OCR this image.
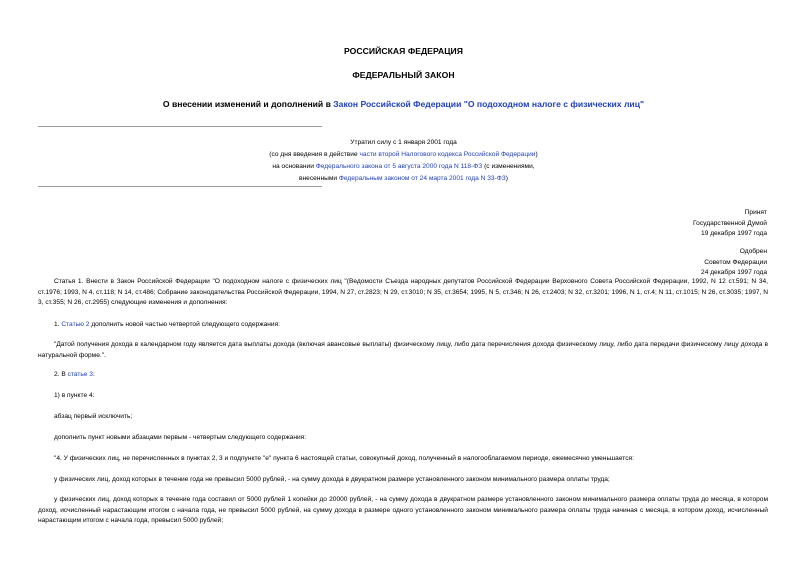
РОССИЙСКАЯ ФЕДЕРАЦИЯ
ФЕДЕРАЛЬНЫЙ ЗАКОН
О внесении изменений и дополнений в Закон Российской Федерации "О подоходном налоге с физических лиц"
Утратил силу с 1 января 2001 года
(со дня введения в действие части второй Налогового кодекса Российской Федерации)
на основании Федерального закона от 5 августа 2000 года N 118-ФЗ (с изменениями,
внесенными Федеральным законом от 24 марта 2001 года N 33-ФЗ)
Принят
Государственной Думой
19 декабря 1997 года
Одобрен
Советом Федерации
24 декабря 1997 года
Статья 1. Внести в Закон Российской Федерации "О подоходном налоге с физических лиц "(Ведомости Съезда народных депутатов Российской Федерации Верховного Совета Российской Федерации, 1992, N 12 ст.591; N 34, ст.1976; 1993, N 4, ст.118; N 14, ст.486; Собрание законодательства Российской Федерации, 1994, N 27, ст.2823; N 29, ст.3010; N 35, ст.3654; 1995, N 5, ст.346; N 26, ст.2403; N 32, ст.3201; 1996, N 1, ст.4; N 11, ст.1015; N 26, ст.3035; 1997, N 3, ст.355; N 26, ст.2955) следующие изменения и дополнения:
1. Статью 2 дополнить новой частью четвертой следующего содержания:
"Датой получения дохода в календарном году является дата выплаты дохода (включая авансовые выплаты) физическому лицу, либо дата перечисления дохода физическому лицу, либо дата передачи физическому лицу дохода в натуральной форме.".
2. В статье 3:
1) в пункте 4:
абзац первый исключить;
дополнить пункт новыми абзацами первым - четвертым следующего содержания:
"4. У физических лиц, не перечисленных в пунктах 2, 3 и подпункте "е" пункта 6 настоящей статьи, совокупный доход, полученный в налогооблагаемом периоде, ежемесячно уменьшается:
у физических лиц, доход которых в течение года не превысил 5000 рублей, - на сумму дохода в двукратном размере установленного законом минимального размера оплаты труда;
у физических лиц, доход которых в течение года составил от 5000 рублей 1 копейки до 20000 рублей, - на сумму дохода в двукратном размере установленного законом минимального размера оплаты труда до месяца, в котором доход, исчисленный нарастающим итогом с начала года, не превысил 5000 рублей, на сумму дохода в размере одного установленного законом минимального размера оплаты труда начиная с месяца, в котором доход, исчисленный нарастающим итогом с начала года, превысил 5000 рублей;
